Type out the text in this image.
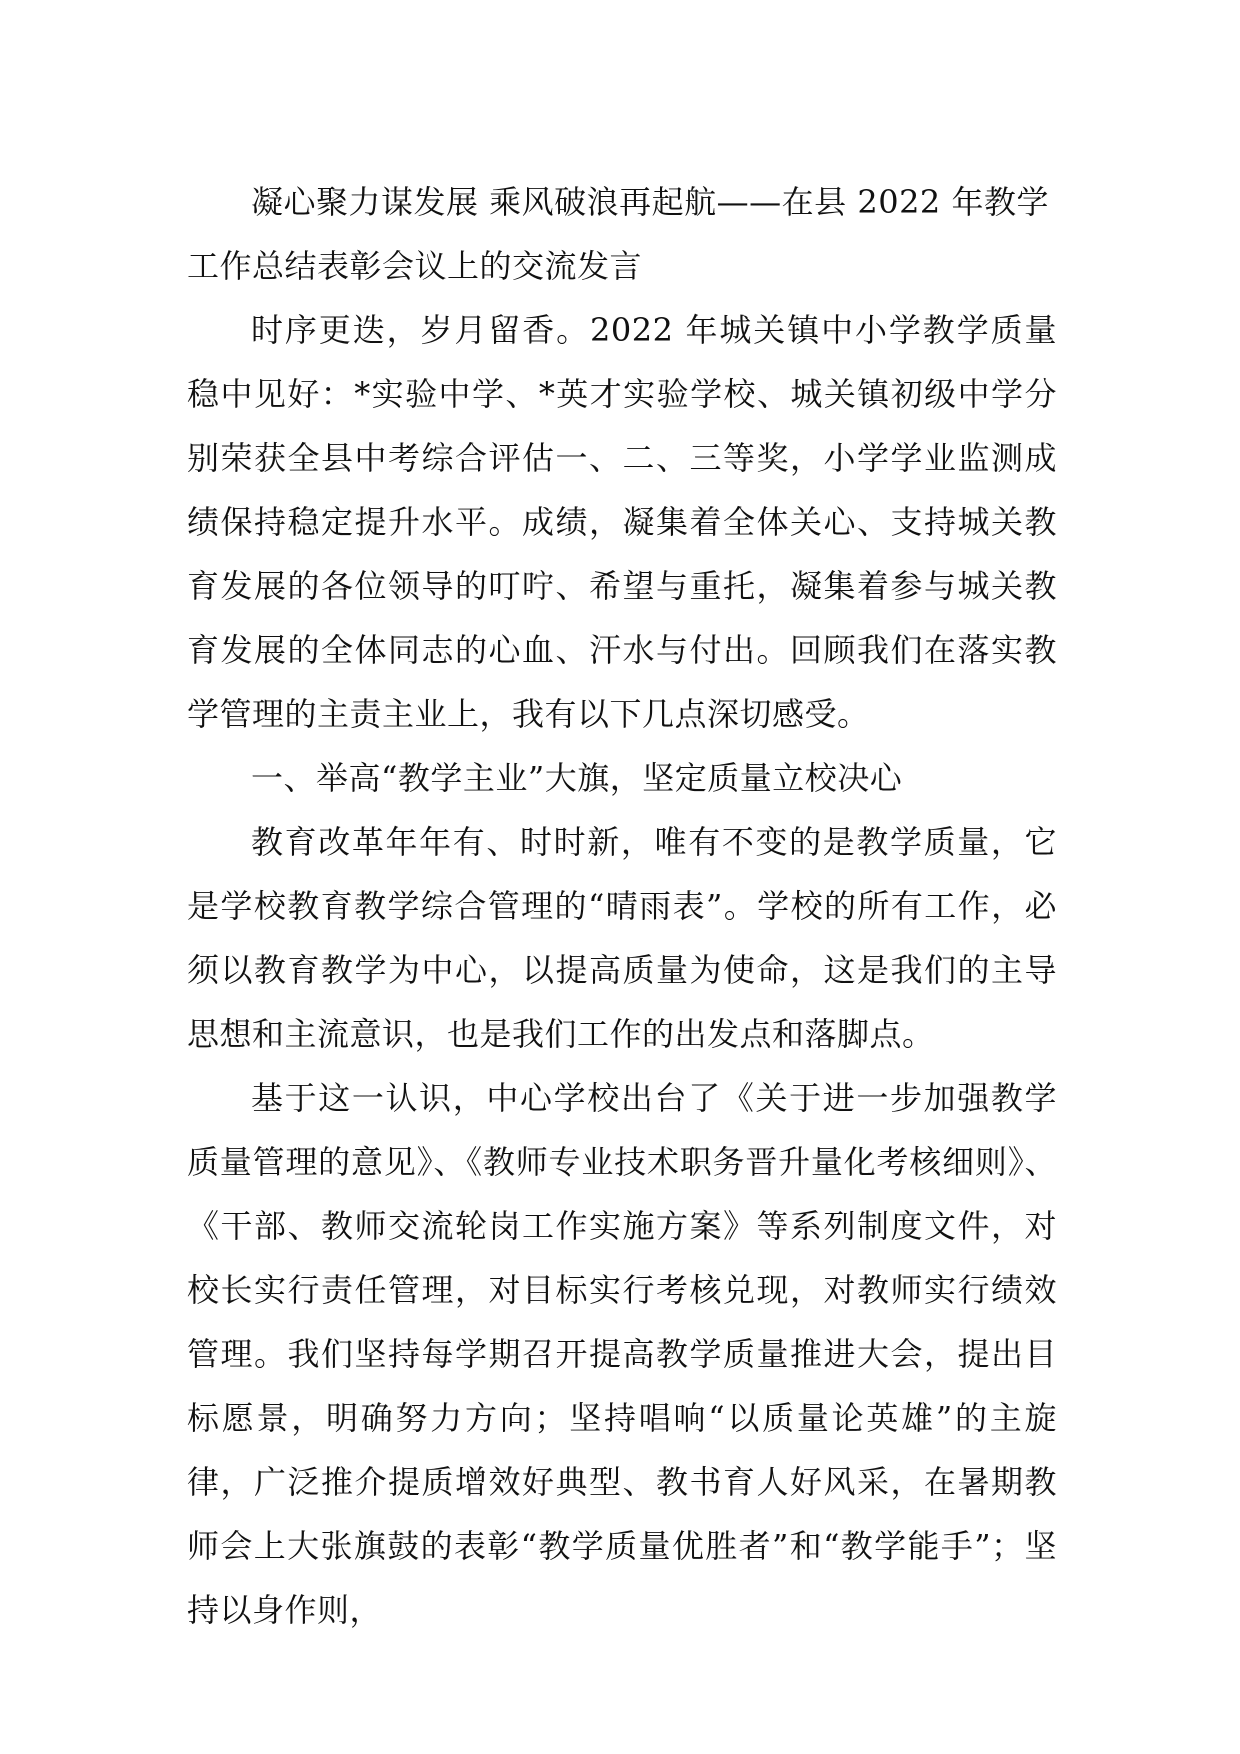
凝心聚力谋发展 乘风破浪再起航——在县 2022 年教学工作总结表彰会议上的交流发言

时序更迭，岁月留香。2022 年城关镇中小学教学质量稳中见好：*实验中学、*英才实验学校、城关镇初级中学分别荣获全县中考综合评估一、二、三等奖，小学学业监测成绩保持稳定提升水平。成绩，凝集着全体关心、支持城关教育发展的各位领导的叮咛、希望与重托，凝集着参与城关教育发展的全体同志的心血、汗水与付出。回顾我们在落实教学管理的主责主业上，我有以下几点深切感受。

一、举高“教学主业”大旗，坚定质量立校决心

教育改革年年有、时时新，唯有不变的是教学质量，它是学校教育教学综合管理的“晴雨表”。学校的所有工作，必须以教育教学为中心，以提高质量为使命，这是我们的主导思想和主流意识，也是我们工作的出发点和落脚点。

基于这一认识，中心学校出台了《关于进一步加强教学质量管理的意见》、《教师专业技术职务晋升量化考核细则》、《干部、教师交流轮岗工作实施方案》等系列制度文件，对校长实行责任管理，对目标实行考核兑现，对教师实行绩效管理。我们坚持每学期召开提高教学质量推进大会，提出目标愿景，明确努力方向；坚持唱响“以质量论英雄”的主旋律，广泛推介提质增效好典型、教书育人好风采，在暑期教师会上大张旗鼓的表彰“教学质量优胜者”和“教学能手”；坚持以身作则，
